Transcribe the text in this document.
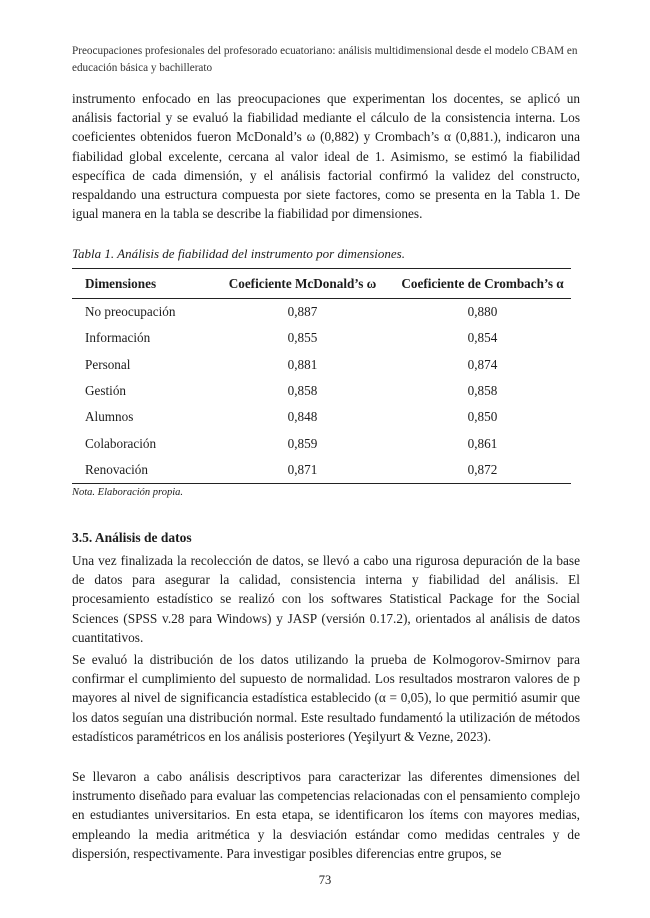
Preocupaciones profesionales del profesorado ecuatoriano: análisis multidimensional desde el modelo CBAM en educación básica y bachillerato

instrumento enfocado en las preocupaciones que experimentan los docentes, se aplicó un análisis factorial y se evaluó la fiabilidad mediante el cálculo de la consistencia interna. Los coeficientes obtenidos fueron McDonald’s ω (0,882) y Crombach’s α (0,881.), indicaron una fiabilidad global excelente, cercana al valor ideal de 1. Asimismo, se estimó la fiabilidad específica de cada dimensión, y el análisis factorial confirmó la validez del constructo, respaldando una estructura compuesta por siete factores, como se presenta en la Tabla 1. De igual manera en la tabla se describe la fiabilidad por dimensiones.

Tabla 1. Análisis de fiabilidad del instrumento por dimensiones.
Dimensiones	Coeficiente McDonald’s ω	Coeficiente de Crombach’s α
No preocupación	0,887	0,880
Información	0,855	0,854
Personal	0,881	0,874
Gestión	0,858	0,858
Alumnos	0,848	0,850
Colaboración	0,859	0,861
Renovación	0,871	0,872
Nota. Elaboración propia.
3.5. Análisis de datos

Una vez finalizada la recolección de datos, se llevó a cabo una rigurosa depuración de la base de datos para asegurar la calidad, consistencia interna y fiabilidad del análisis. El procesamiento estadístico se realizó con los softwares Statistical Package for the Social Sciences (SPSS v.28 para Windows) y JASP (versión 0.17.2), orientados al análisis de datos cuantitativos.

Se evaluó la distribución de los datos utilizando la prueba de Kolmogorov-Smirnov para confirmar el cumplimiento del supuesto de normalidad. Los resultados mostraron valores de p mayores al nivel de significancia estadística establecido (α = 0,05), lo que permitió asumir que los datos seguían una distribución normal. Este resultado fundamentó la utilización de métodos estadísticos paramétricos en los análisis posteriores (Yeşilyurt & Vezne, 2023).

Se llevaron a cabo análisis descriptivos para caracterizar las diferentes dimensiones del instrumento diseñado para evaluar las competencias relacionadas con el pensamiento complejo en estudiantes universitarios. En esta etapa, se identificaron los ítems con mayores medias, empleando la media aritmética y la desviación estándar como medidas centrales y de dispersión, respectivamente. Para investigar posibles diferencias entre grupos, se

73
